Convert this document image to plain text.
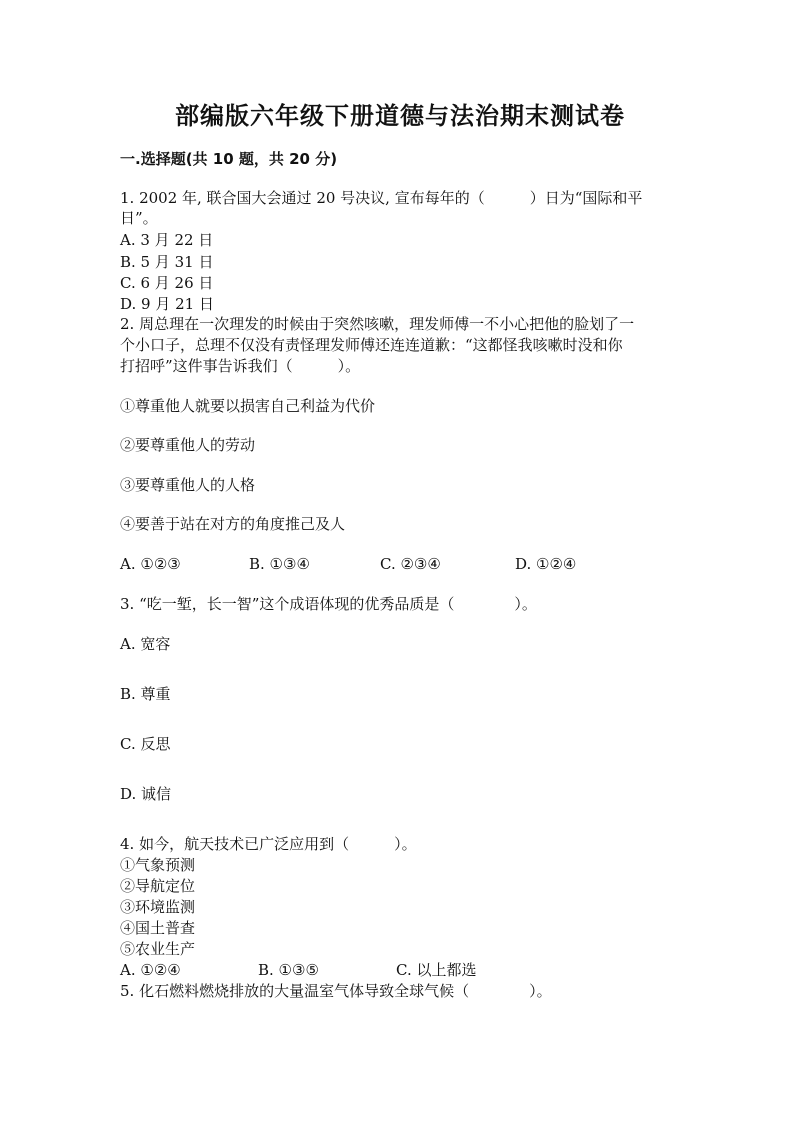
部编版六年级下册道德与法治期末测试卷
一.选择题(共 10 题，共 20 分)
1. 2002 年, 联合国大会通过 20 号决议, 宣布每年的（　　　）日为“国际和平
日”。
A. 3 月 22 日
B. 5 月 31 日
C. 6 月 26 日
D. 9 月 21 日
2. 周总理在一次理发的时候由于突然咳嗽，理发师傅一不小心把他的脸划了一
个小口子，总理不仅没有责怪理发师傅还连连道歉：“这都怪我咳嗽时没和你
打招呼”这件事告诉我们（　　　）。
①尊重他人就要以损害自己利益为代价
②要尊重他人的劳动
③要尊重他人的人格
④要善于站在对方的角度推己及人
A. ①②③	B. ①③④	C. ②③④	D. ①②④
3. “吃一堑，长一智”这个成语体现的优秀品质是（　　　　）。
A. 宽容
B. 尊重
C. 反思
D. 诚信
4. 如今，航天技术已广泛应用到（　　　）。
①气象预测
②导航定位
③环境监测
④国土普查
⑤农业生产
A. ①②④	B. ①③⑤	C. 以上都选
5. 化石燃料燃烧排放的大量温室气体导致全球气候（　　　　）。
